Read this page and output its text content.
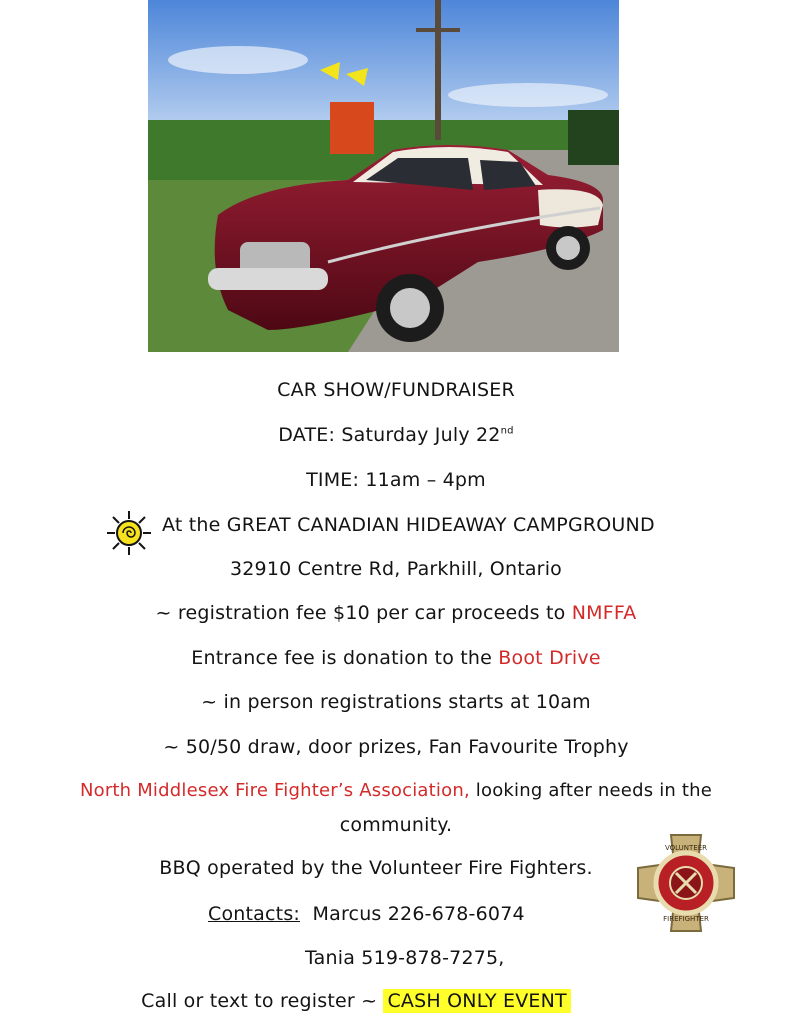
CAR SHOW/FUNDRAISER
DATE: Saturday July 22nd
TIME: 11am – 4pm
At the GREAT CANADIAN HIDEAWAY CAMPGROUND
32910 Centre Rd, Parkhill, Ontario
~ registration fee $10 per car proceeds to NMFFA
Entrance fee is donation to the Boot Drive
~ in person registrations starts at 10am
~ 50/50 draw, door prizes, Fan Favourite Trophy
North Middlesex Fire Fighter’s Association, looking after needs in the
community.
BBQ operated by the Volunteer Fire Fighters.
Contacts: Marcus 226-678-6074
Tania 519-878-7275,
Call or text to register ~ CASH ONLY EVENT
VOLUNTEER
FIREFIGHTER
